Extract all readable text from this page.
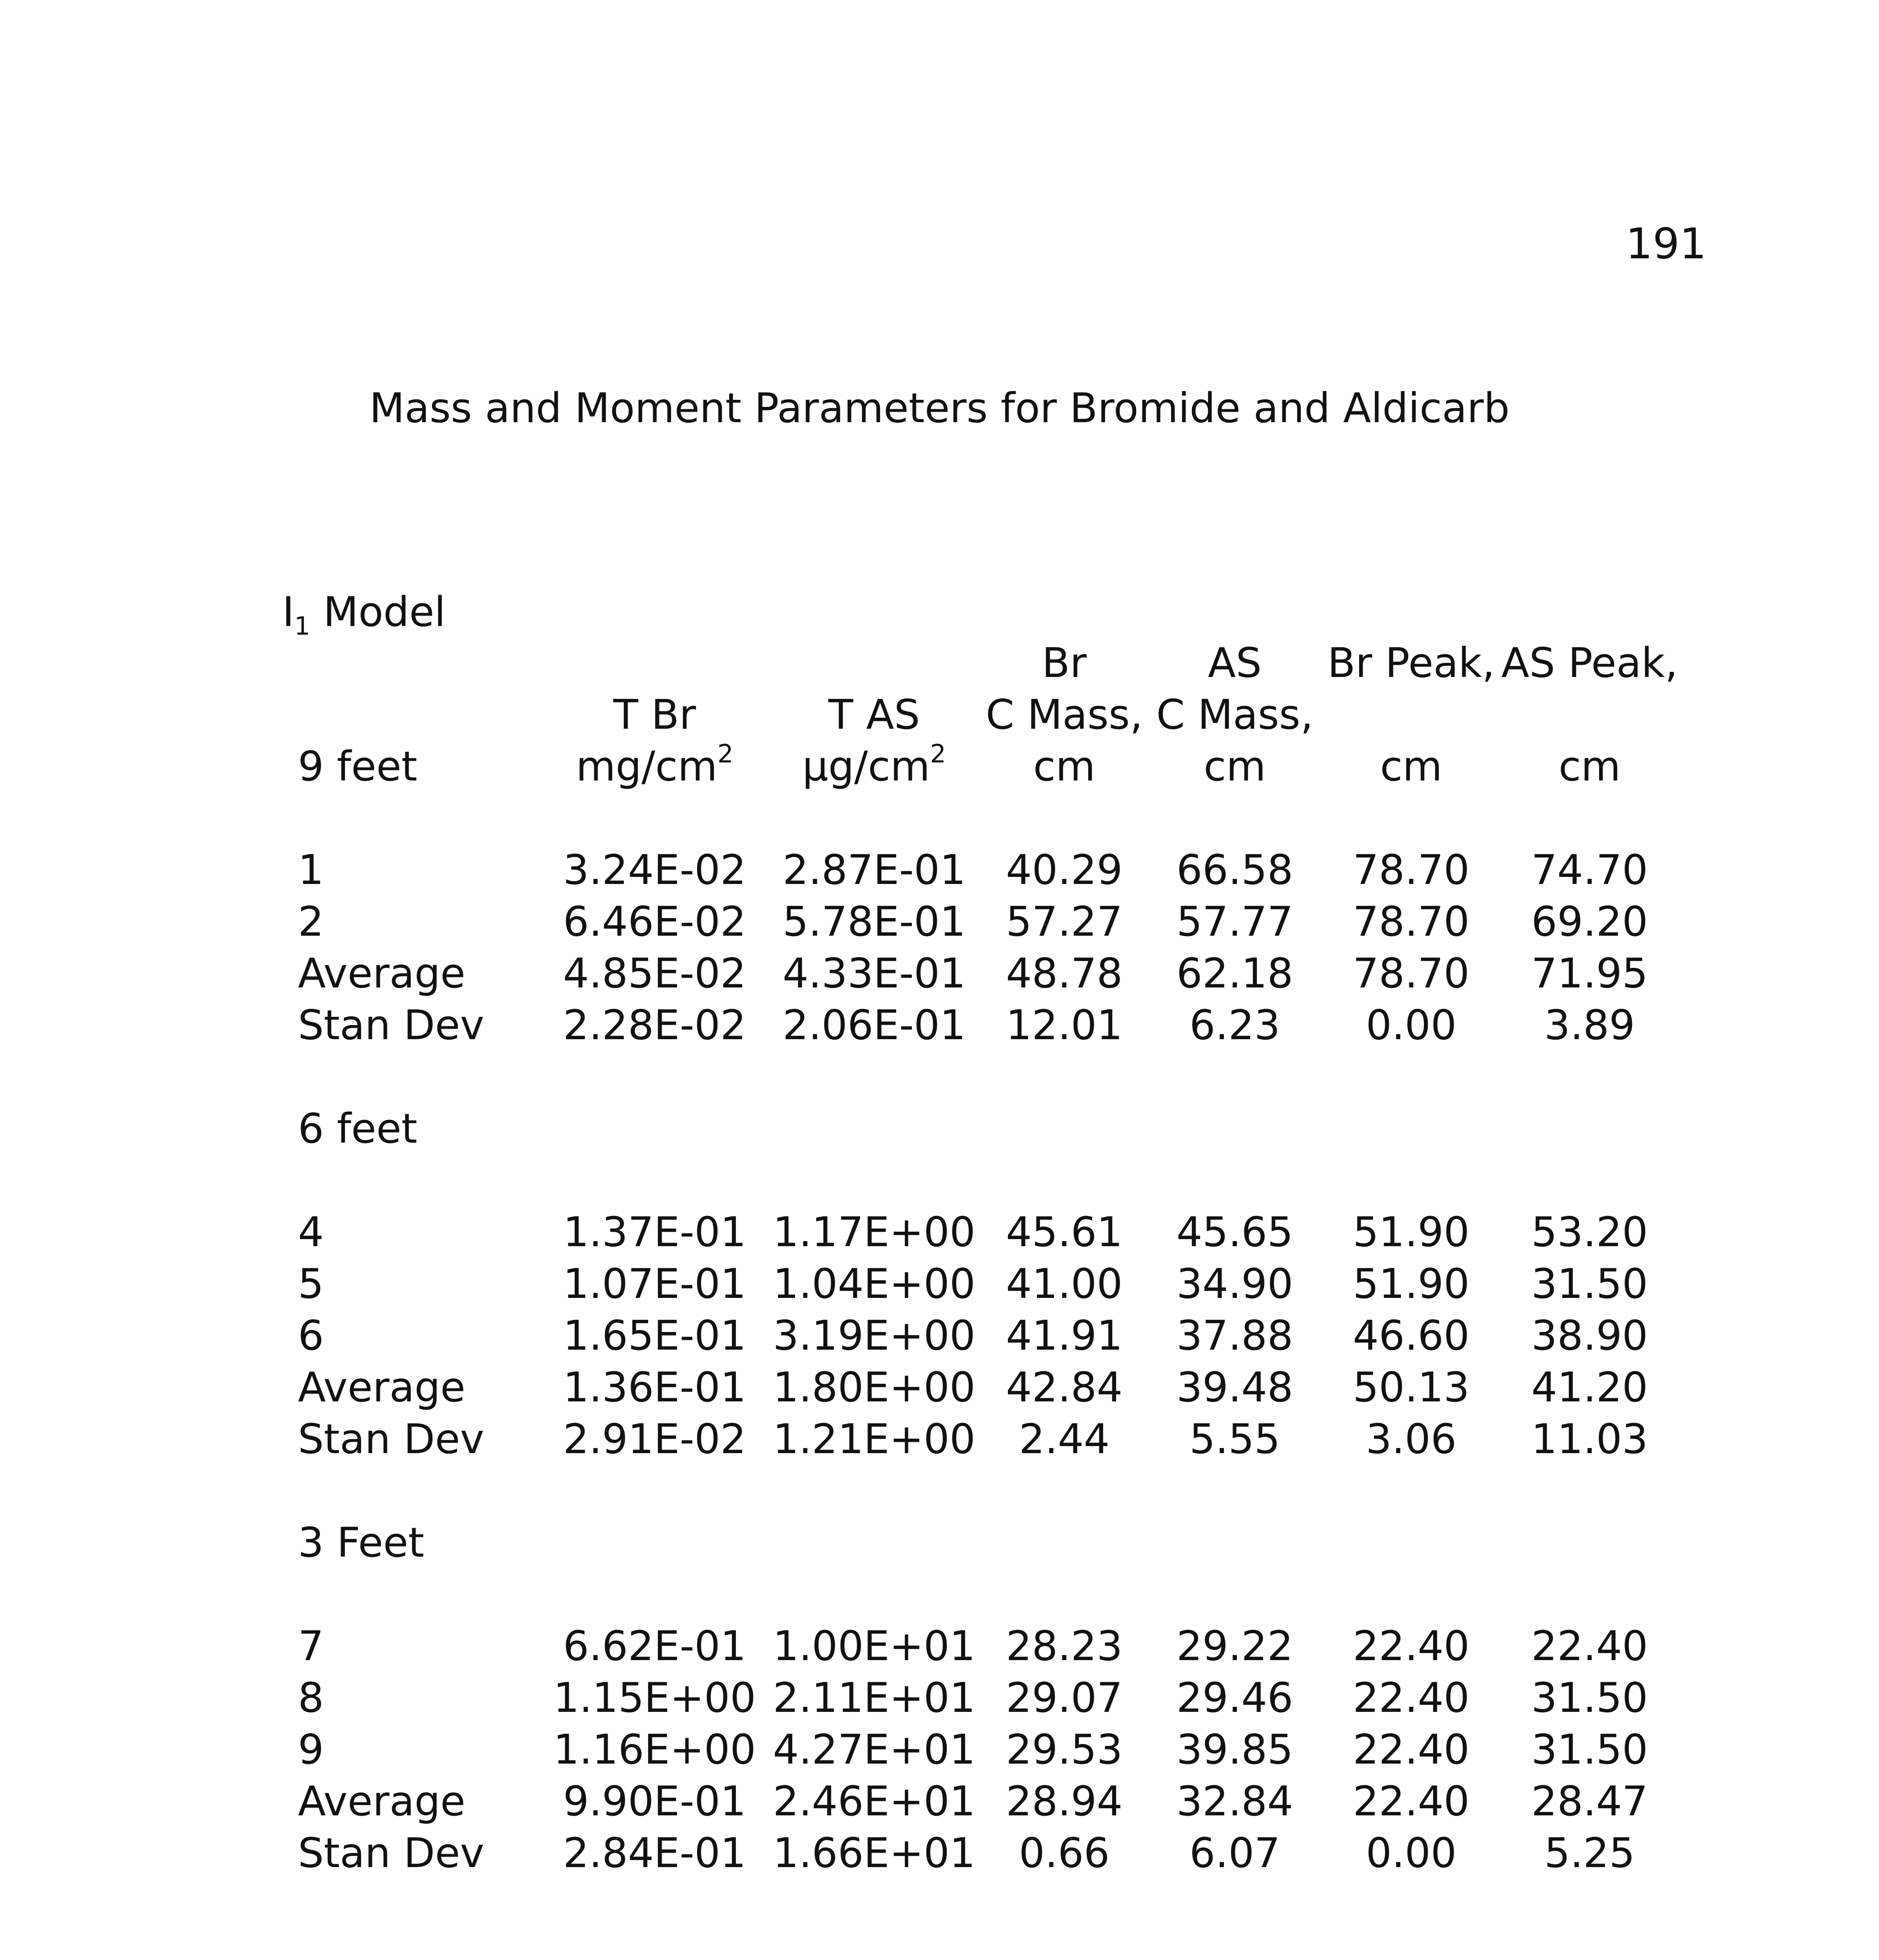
191
Mass and Moment Parameters for Bromide and Aldicarb
$I_1$ Model
			Br	AS	Br Peak,	AS Peak,
	T Br	T AS	C Mass,	C Mass,		
9 feet	$mg/cm^2$	$\mu g/cm^2$	cm	cm	cm	cm

1	3.24E-02	2.87E-01	40.29	66.58	78.70	74.70
2	6.46E-02	5.78E-01	57.27	57.77	78.70	69.20
Average	4.85E-02	4.33E-01	48.78	62.18	78.70	71.95
Stan Dev	2.28E-02	2.06E-01	12.01	6.23	0.00	3.89

6 feet						

4	1.37E-01	1.17E+00	45.61	45.65	51.90	53.20
5	1.07E-01	1.04E+00	41.00	34.90	51.90	31.50
6	1.65E-01	3.19E+00	41.91	37.88	46.60	38.90
Average	1.36E-01	1.80E+00	42.84	39.48	50.13	41.20
Stan Dev	2.91E-02	1.21E+00	2.44	5.55	3.06	11.03

3 Feet						

7	6.62E-01	1.00E+01	28.23	29.22	22.40	22.40
8	1.15E+00	2.11E+01	29.07	29.46	22.40	31.50
9	1.16E+00	4.27E+01	29.53	39.85	22.40	31.50
Average	9.90E-01	2.46E+01	28.94	32.84	22.40	28.47
Stan Dev	2.84E-01	1.66E+01	0.66	6.07	0.00	5.25
